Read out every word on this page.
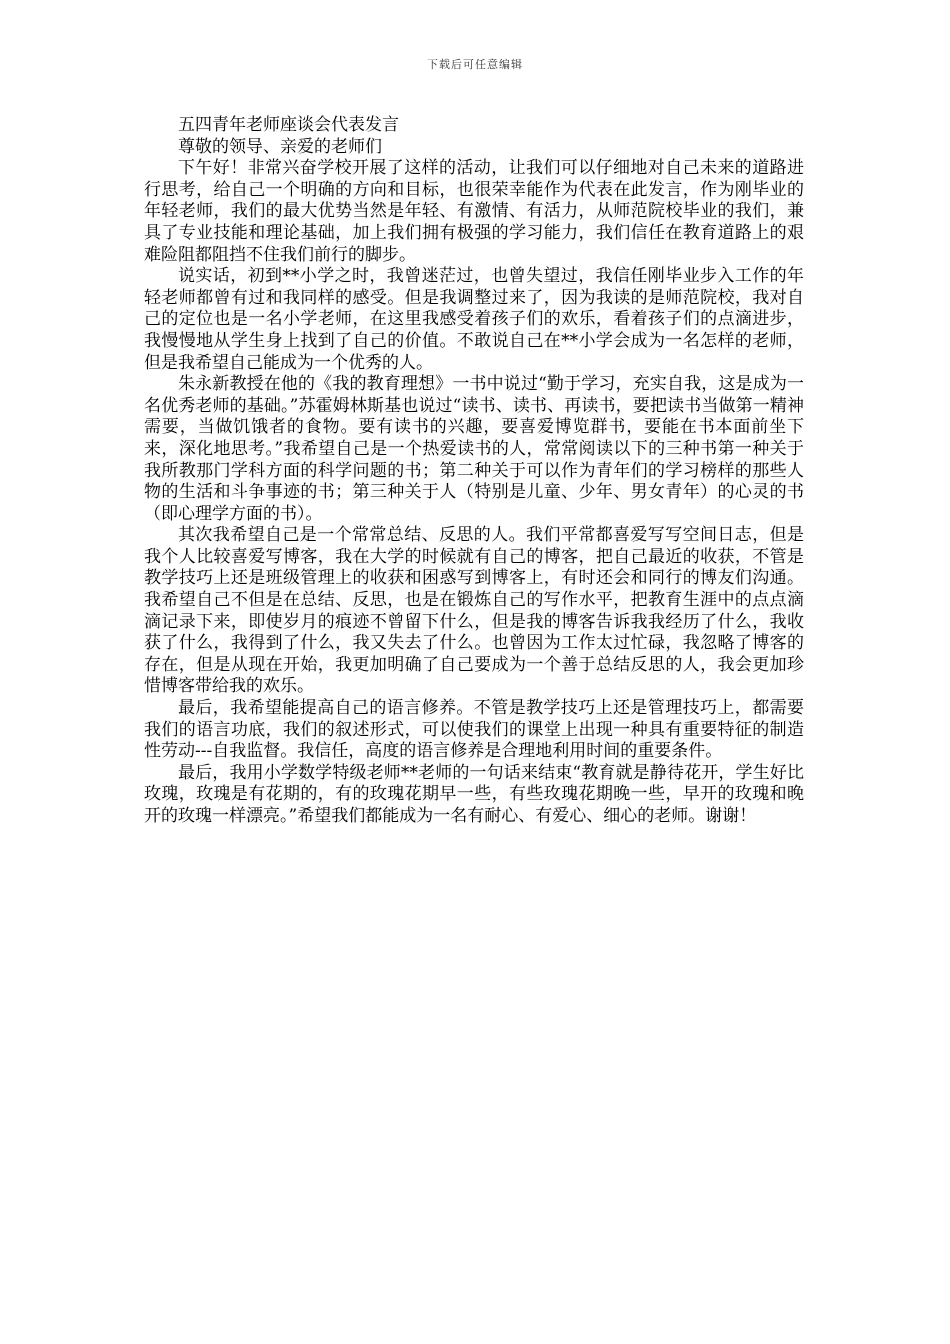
下载后可任意编辑

五四青年老师座谈会代表发言

尊敬的领导、亲爱的老师们

下午好！非常兴奋学校开展了这样的活动，让我们可以仔细地对自己未来的道路进行思考，给自己一个明确的方向和目标，也很荣幸能作为代表在此发言，作为刚毕业的年轻老师，我们的最大优势当然是年轻、有激情、有活力，从师范院校毕业的我们，兼具了专业技能和理论基础，加上我们拥有极强的学习能力，我们信任在教育道路上的艰难险阻都阻挡不住我们前行的脚步。

说实话，初到**小学之时，我曾迷茫过，也曾失望过，我信任刚毕业步入工作的年轻老师都曾有过和我同样的感受。但是我调整过来了，因为我读的是师范院校，我对自己的定位也是一名小学老师，在这里我感受着孩子们的欢乐，看着孩子们的点滴进步，我慢慢地从学生身上找到了自己的价值。不敢说自己在**小学会成为一名怎样的老师，但是我希望自己能成为一个优秀的人。

朱永新教授在他的《我的教育理想》一书中说过“勤于学习，充实自我，这是成为一名优秀老师的基础。”苏霍姆林斯基也说过“读书、读书、再读书，要把读书当做第一精神需要，当做饥饿者的食物。要有读书的兴趣，要喜爱博览群书，要能在书本面前坐下来，深化地思考。”我希望自己是一个热爱读书的人，常常阅读以下的三种书第一种关于我所教那门学科方面的科学问题的书；第二种关于可以作为青年们的学习榜样的那些人物的生活和斗争事迹的书；第三种关于人（特别是儿童、少年、男女青年）的心灵的书（即心理学方面的书）。

其次我希望自己是一个常常总结、反思的人。我们平常都喜爱写写空间日志，但是我个人比较喜爱写博客，我在大学的时候就有自己的博客，把自己最近的收获，不管是教学技巧上还是班级管理上的收获和困惑写到博客上，有时还会和同行的博友们沟通。我希望自己不但是在总结、反思，也是在锻炼自己的写作水平，把教育生涯中的点点滴滴记录下来，即使岁月的痕迹不曾留下什么，但是我的博客告诉我我经历了什么，我收获了什么，我得到了什么，我又失去了什么。也曾因为工作太过忙碌，我忽略了博客的存在，但是从现在开始，我更加明确了自己要成为一个善于总结反思的人，我会更加珍惜博客带给我的欢乐。

最后，我希望能提高自己的语言修养。不管是教学技巧上还是管理技巧上，都需要我们的语言功底，我们的叙述形式，可以使我们的课堂上出现一种具有重要特征的制造性劳动---自我监督。我信任，高度的语言修养是合理地利用时间的重要条件。

最后，我用小学数学特级老师**老师的一句话来结束“教育就是静待花开，学生好比玫瑰，玫瑰是有花期的，有的玫瑰花期早一些，有些玫瑰花期晚一些，早开的玫瑰和晚开的玫瑰一样漂亮。”希望我们都能成为一名有耐心、有爱心、细心的老师。谢谢！
